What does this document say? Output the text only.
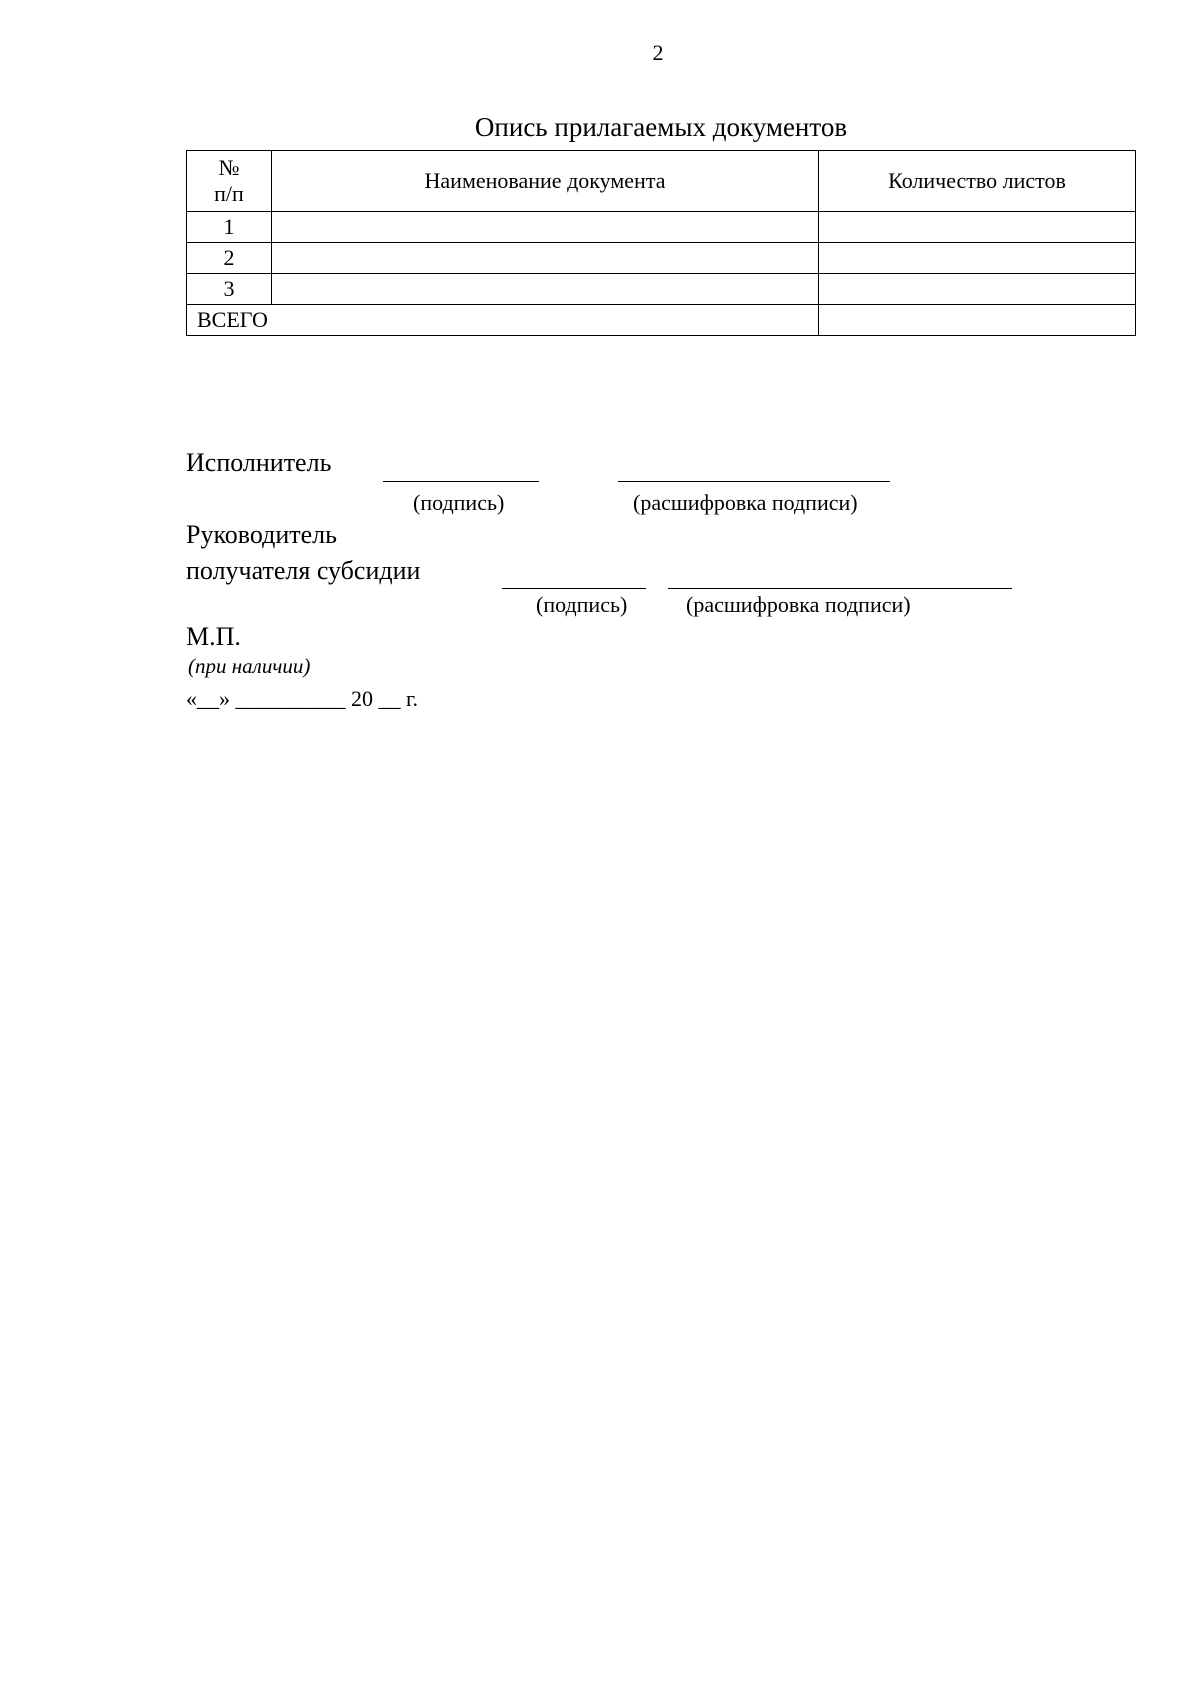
2
Опись прилагаемых документов
№
п/п	Наименование документа	Количество листов
1		
2		
3		
ВСЕГО		
Исполнитель
(подпись)	(расшифровка подписи)
Руководитель
получателя субсидии
(подпись)	(расшифровка подписи)
М.П.
(при наличии)
«__» __________ 20 __ г.
